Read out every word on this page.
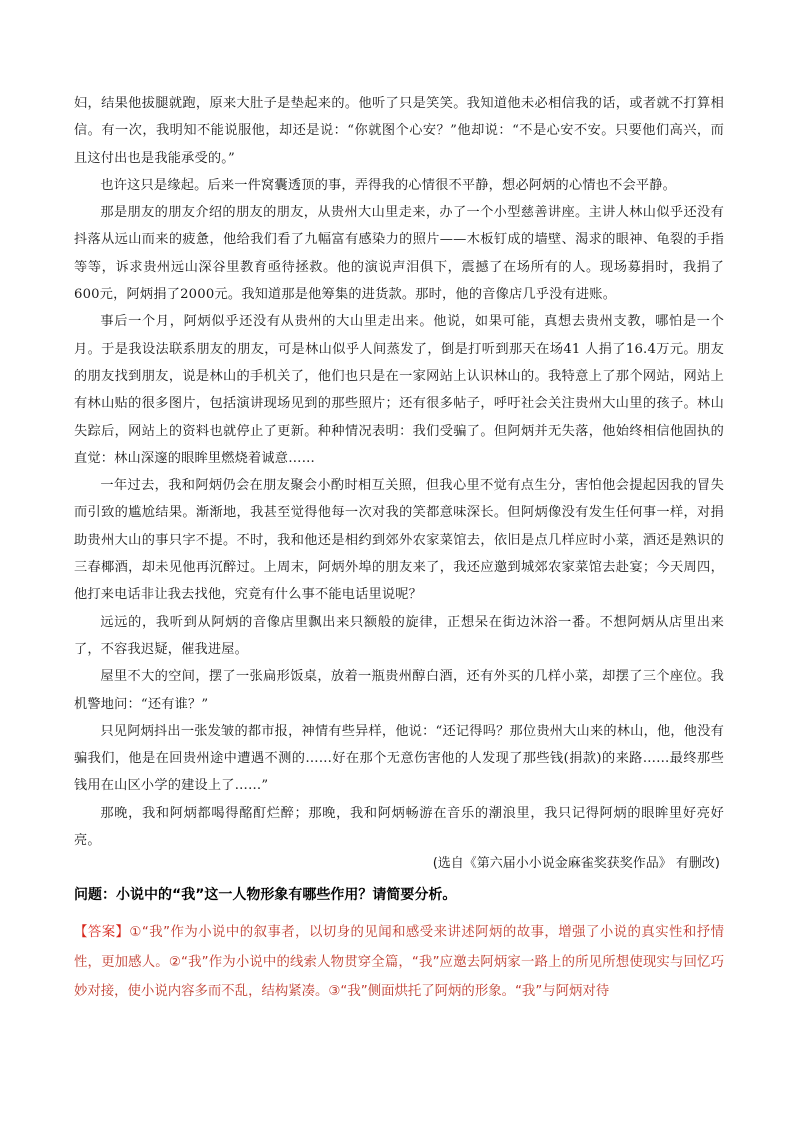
妇，结果他拔腿就跑，原来大肚子是垫起来的。他听了只是笑笑。我知道他未必相信我的话，或者就不打算相信。有一次，我明知不能说服他，却还是说：“你就图个心安？”他却说：“不是心安不安。只要他们高兴，而且这付出也是我能承受的。”

也许这只是缘起。后来一件窝囊透顶的事，弄得我的心情很不平静，想必阿炳的心情也不会平静。

那是朋友的朋友介绍的朋友的朋友，从贵州大山里走来，办了一个小型慈善讲座。主讲人林山似乎还没有抖落从远山而来的疲惫，他给我们看了九幅富有感染力的照片——木板钉成的墙壁、渴求的眼神、龟裂的手指等等，诉求贵州远山深谷里教育亟待拯救。他的演说声泪俱下，震撼了在场所有的人。现场募捐时，我捐了600元，阿炳捐了2000元。我知道那是他筹集的进货款。那时，他的音像店几乎没有进账。

事后一个月，阿炳似乎还没有从贵州的大山里走出来。他说，如果可能，真想去贵州支教，哪怕是一个月。于是我设法联系朋友的朋友，可是林山似乎人间蒸发了，倒是打听到那天在场41 人捐了16.4万元。朋友的朋友找到朋友，说是林山的手机关了，他们也只是在一家网站上认识林山的。我特意上了那个网站，网站上有林山贴的很多图片，包括演讲现场见到的那些照片；还有很多帖子，呼吁社会关注贵州大山里的孩子。林山失踪后，网站上的资料也就停止了更新。种种情况表明：我们受骗了。但阿炳并无失落，他始终相信他固执的直觉：林山深邃的眼眸里燃烧着诚意……

一年过去，我和阿炳仍会在朋友聚会小酌时相互关照，但我心里不觉有点生分，害怕他会提起因我的冒失而引致的尴尬结果。渐渐地，我甚至觉得他每一次对我的笑都意味深长。但阿炳像没有发生任何事一样，对捐助贵州大山的事只字不提。不时，我和他还是相约到郊外农家菜馆去，依旧是点几样应时小菜，酒还是熟识的三春椰酒，却未见他再沉醉过。上周末，阿炳外埠的朋友来了，我还应邀到城郊农家菜馆去赴宴；今天周四，他打来电话非让我去找他，究竟有什么事不能电话里说呢？

远远的，我听到从阿炳的音像店里飘出来只额般的旋律，正想呆在街边沐浴一番。不想阿炳从店里出来了，不容我迟疑，催我进屋。

屋里不大的空间，摆了一张扁形饭桌，放着一瓶贵州醇白酒，还有外买的几样小菜，却摆了三个座位。我机警地问：“还有谁？”

只见阿炳抖出一张发皱的都市报，神情有些异样，他说：“还记得吗？那位贵州大山来的林山，他，他没有骗我们，他是在回贵州途中遭遇不测的……好在那个无意伤害他的人发现了那些钱(捐款)的来路……最终那些钱用在山区小学的建设上了……”

那晚，我和阿炳都喝得酩酊烂醉；那晚，我和阿炳畅游在音乐的潮浪里，我只记得阿炳的眼眸里好亮好亮。

(选自《第六届小小说金麻雀奖获奖作品》 有删改)
问题：小说中的“我”这一人物形象有哪些作用？请简要分析。
【答案】①“我”作为小说中的叙事者，以切身的见闻和感受来讲述阿炳的故事，增强了小说的真实性和抒情性，更加感人。②“我”作为小说中的线索人物贯穿全篇，“我”应邀去阿炳家一路上的所见所想使现实与回忆巧妙对接，使小说内容多而不乱，结构紧凑。③“我”侧面烘托了阿炳的形象。“我”与阿炳对待
